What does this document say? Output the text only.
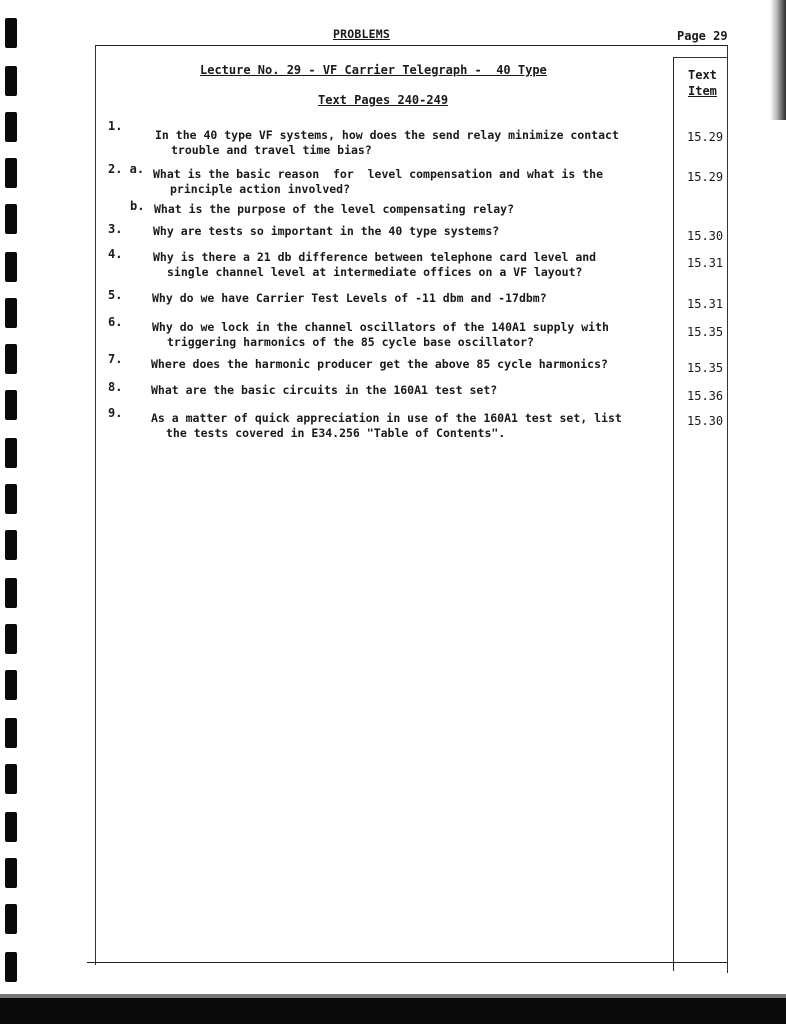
PROBLEMS	Page 29
Lecture No. 29 - VF Carrier Telegraph -  40 Type
Text Pages 240-249
Text
Item
1.
In the 40 type VF systems, how does the send relay minimize contact
trouble and travel time bias?
15.29
2. a. What is the basic reason  for  level compensation and what is the
principle action involved?
15.29
b. What is the purpose of the level compensating relay?
3.	Why are tests so important in the 40 type systems?	15.30
4.	Why is there a 21 db difference between telephone card level and
single channel level at intermediate offices on a VF layout?
15.31
5.	Why do we have Carrier Test Levels of -11 dbm and -17dbm?	15.31
6.	Why do we lock in the channel oscillators of the 140A1 supply with
triggering harmonics of the 85 cycle base oscillator?
15.35
7. Where does the harmonic producer get the above 85 cycle harmonics?	15.35
8. What are the basic circuits in the 160A1 test set?	15.36
9. As a matter of quick appreciation in use of the 160A1 test set, list
the tests covered in E34.256 "Table of Contents".
15.30
